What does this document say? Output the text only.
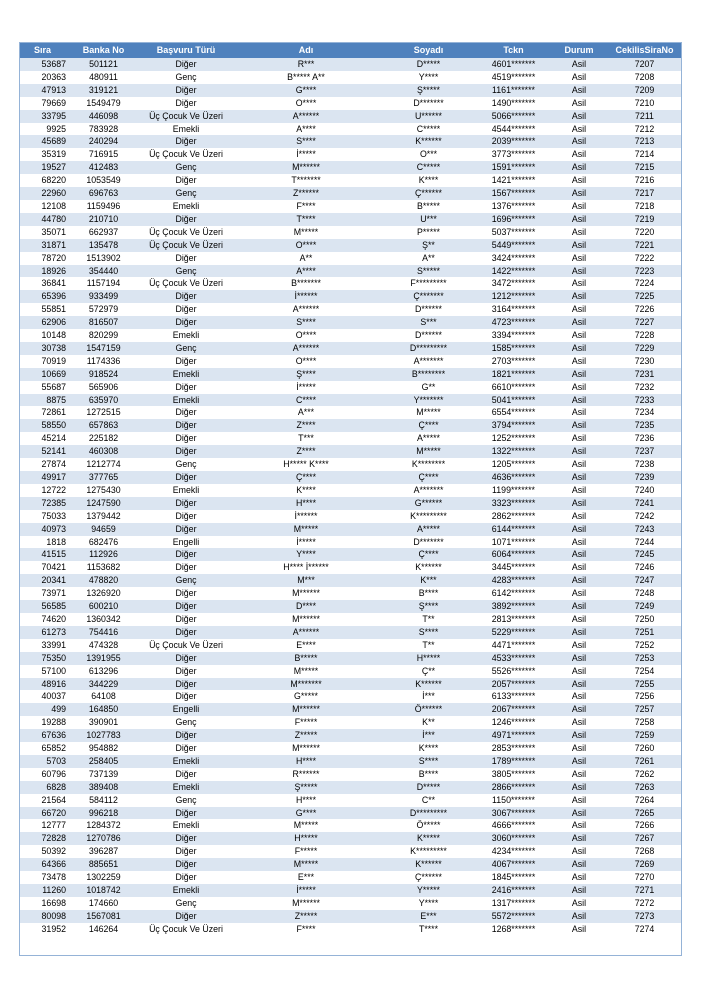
Sıra	Banka No	Başvuru Türü	Adı	Soyadı	Tckn	Durum	CekilisSiraNo
53687	501121	Diğer	R***	D*****	4601*******	Asil	7207
20363	480911	Genç	B***** A**	Y****	4519*******	Asil	7208
47913	319121	Diğer	G****	Ş*****	1161*******	Asil	7209
79669	1549479	Diğer	O****	D*******	1490*******	Asil	7210
33795	446098	Üç Çocuk Ve Üzeri	A******	U******	5066*******	Asil	7211
9925	783928	Emekli	A****	C*****	4544*******	Asil	7212
45689	240294	Diğer	S****	K******	2039*******	Asil	7213
35319	716915	Üç Çocuk Ve Üzeri	İ*****	O***	3773*******	Asil	7214
19527	412483	Genç	M******	C*****	1591*******	Asil	7215
68220	1053549	Diğer	T*******	K****	1421*******	Asil	7216
22960	696763	Genç	Z******	Ç******	1567*******	Asil	7217
12108	1159496	Emekli	F****	B*****	1376*******	Asil	7218
44780	210710	Diğer	T****	U***	1696*******	Asil	7219
35071	662937	Üç Çocuk Ve Üzeri	M*****	P*****	5037*******	Asil	7220
31871	135478	Üç Çocuk Ve Üzeri	O****	Ş**	5449*******	Asil	7221
78720	1513902	Diğer	A**	A**	3424*******	Asil	7222
18926	354440	Genç	A****	S*****	1422*******	Asil	7223
36841	1157194	Üç Çocuk Ve Üzeri	B*******	F*********	3472*******	Asil	7224
65396	933499	Diğer	İ******	Ç*******	1212*******	Asil	7225
55851	572979	Diğer	A******	D******	3164*******	Asil	7226
62906	816507	Diğer	S****	S***	4723*******	Asil	7227
10148	820299	Emekli	O****	D******	3394*******	Asil	7228
30738	1547159	Genç	A******	D*********	1585*******	Asil	7229
70919	1174336	Diğer	O****	A*******	2703*******	Asil	7230
10669	918524	Emekli	Ş****	B********	1821*******	Asil	7231
55687	565906	Diğer	İ*****	G**	6610*******	Asil	7232
8875	635970	Emekli	C****	Y*******	5041*******	Asil	7233
72861	1272515	Diğer	A***	M*****	6554*******	Asil	7234
58550	657863	Diğer	Z****	Ç****	3794*******	Asil	7235
45214	225182	Diğer	T***	A*****	1252*******	Asil	7236
52141	460308	Diğer	Z****	M*****	1322*******	Asil	7237
27874	1212774	Genç	H***** K****	K********	1205*******	Asil	7238
49917	377765	Diğer	Ç****	Ç****	4636*******	Asil	7239
12722	1275430	Emekli	K****	A*******	1199*******	Asil	7240
72385	1247590	Diğer	H****	G******	3323*******	Asil	7241
75033	1379442	Diğer	İ******	K*********	2862*******	Asil	7242
40973	94659	Diğer	M*****	A*****	6144*******	Asil	7243
1818	682476	Engelli	İ*****	D*******	1071*******	Asil	7244
41515	112926	Diğer	Y****	Ç****	6064*******	Asil	7245
70421	1153682	Diğer	H**** İ******	K******	3445*******	Asil	7246
20341	478820	Genç	M***	K***	4283*******	Asil	7247
73971	1326920	Diğer	M******	B****	6142*******	Asil	7248
56585	600210	Diğer	D****	Ş****	3892*******	Asil	7249
74620	1360342	Diğer	M******	T**	2813*******	Asil	7250
61273	754416	Diğer	A******	S****	5229*******	Asil	7251
33991	474328	Üç Çocuk Ve Üzeri	E****	T**	4471*******	Asil	7252
75350	1391955	Diğer	B*****	H*****	4533*******	Asil	7253
57100	613296	Diğer	M*****	Ç**	5526*******	Asil	7254
48916	344229	Diğer	M*******	K******	2057*******	Asil	7255
40037	64108	Diğer	G*****	İ***	6133*******	Asil	7256
499	164850	Engelli	M******	Ö******	2067*******	Asil	7257
19288	390901	Genç	F*****	K**	1246*******	Asil	7258
67636	1027783	Diğer	Z*****	İ***	4971*******	Asil	7259
65852	954882	Diğer	M******	K****	2853*******	Asil	7260
5703	258405	Emekli	H****	S****	1789*******	Asil	7261
60796	737139	Diğer	R******	B****	3805*******	Asil	7262
6828	389408	Emekli	Ş*****	D*****	2866*******	Asil	7263
21564	584112	Genç	H****	C**	1150*******	Asil	7264
66720	996218	Diğer	G****	D*********	3067*******	Asil	7265
12777	1284372	Emekli	M*****	Ö*****	4666*******	Asil	7266
72828	1270786	Diğer	H*****	K*****	3060*******	Asil	7267
50392	396287	Diğer	F*****	K*********	4234*******	Asil	7268
64366	885651	Diğer	M*****	K******	4067*******	Asil	7269
73478	1302259	Diğer	E***	Ç******	1845*******	Asil	7270
11260	1018742	Emekli	İ*****	Y*****	2416*******	Asil	7271
16698	174660	Genç	M******	Y****	1317*******	Asil	7272
80098	1567081	Diğer	Z*****	E***	5572*******	Asil	7273
31952	146264	Üç Çocuk Ve Üzeri	F****	T****	1268*******	Asil	7274
